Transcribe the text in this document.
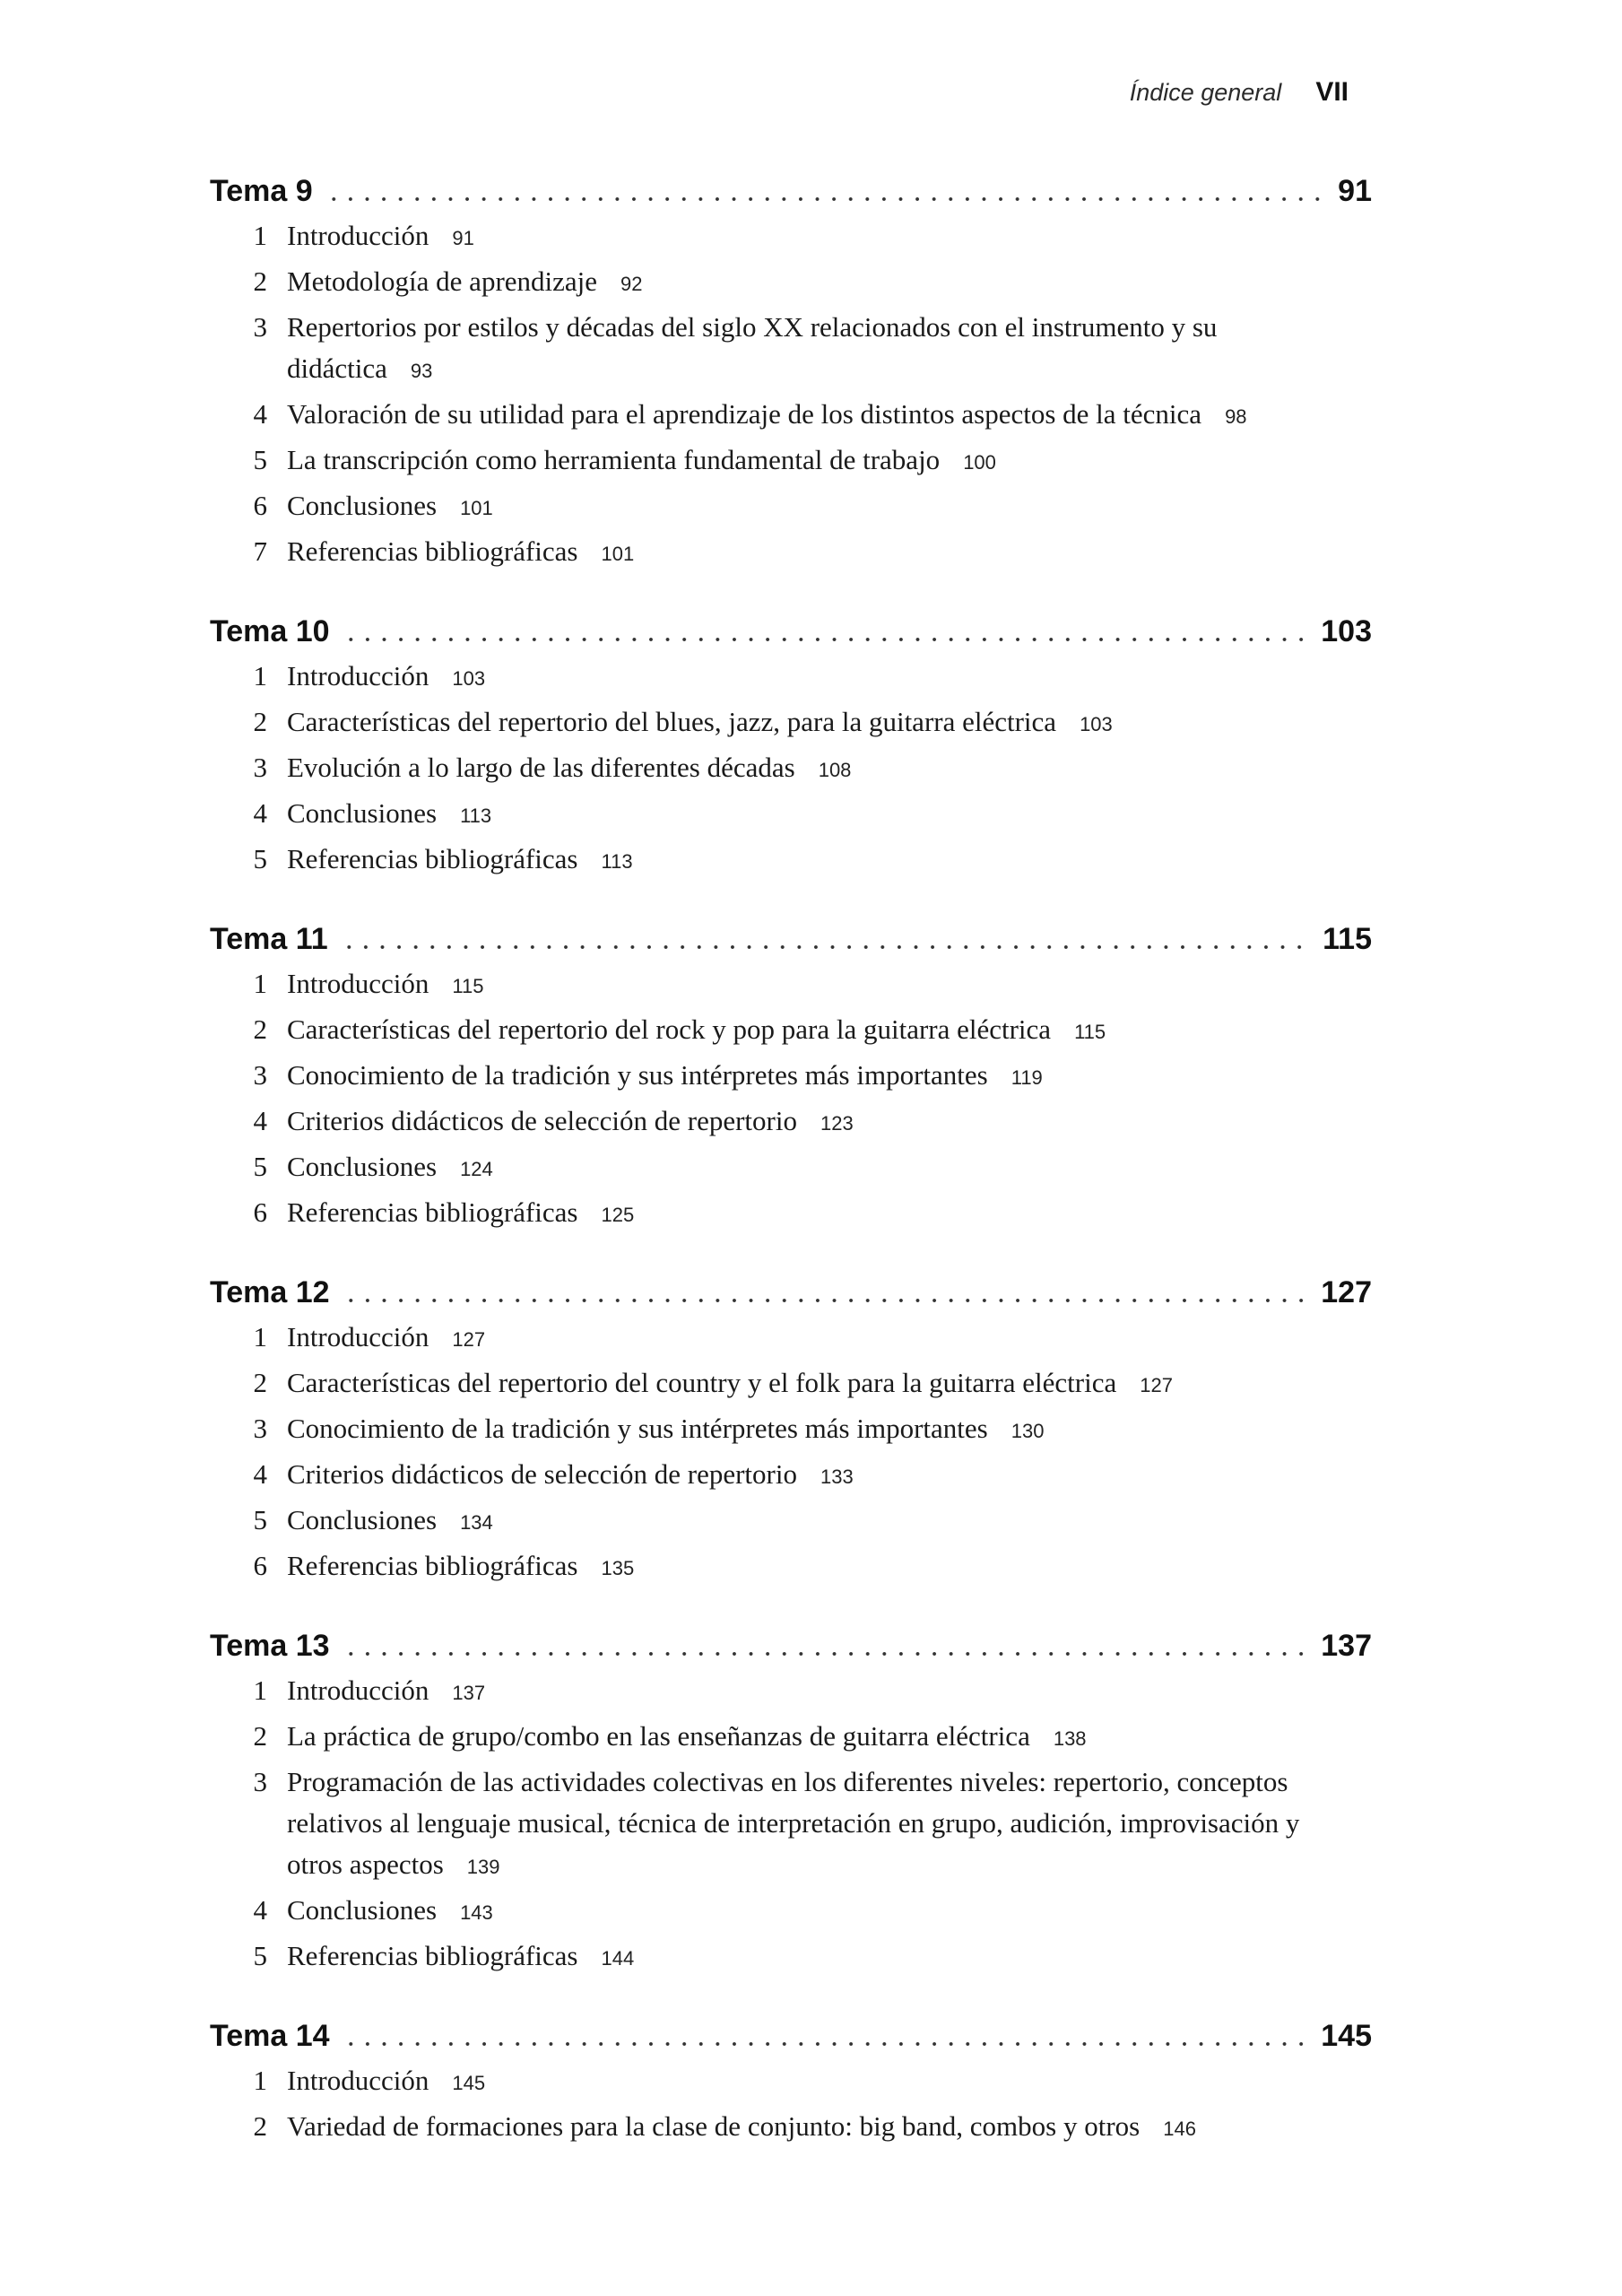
Índice general VII
Tema 9	91
1 Introducción 91
2 Metodología de aprendizaje 92
3 Repertorios por estilos y décadas del siglo XX relacionados con el instrumento y su didáctica 93
4 Valoración de su utilidad para el aprendizaje de los distintos aspectos de la técnica 98
5 La transcripción como herramienta fundamental de trabajo 100
6 Conclusiones 101
7 Referencias bibliográficas 101
Tema 10	103
1 Introducción 103
2 Características del repertorio del blues, jazz, para la guitarra eléctrica 103
3 Evolución a lo largo de las diferentes décadas 108
4 Conclusiones 113
5 Referencias bibliográficas 113
Tema 11	115
1 Introducción 115
2 Características del repertorio del rock y pop para la guitarra eléctrica 115
3 Conocimiento de la tradición y sus intérpretes más importantes 119
4 Criterios didácticos de selección de repertorio 123
5 Conclusiones 124
6 Referencias bibliográficas 125
Tema 12	127
1 Introducción 127
2 Características del repertorio del country y el folk para la guitarra eléctrica 127
3 Conocimiento de la tradición y sus intérpretes más importantes 130
4 Criterios didácticos de selección de repertorio 133
5 Conclusiones 134
6 Referencias bibliográficas 135
Tema 13	137
1 Introducción 137
2 La práctica de grupo/combo en las enseñanzas de guitarra eléctrica 138
3 Programación de las actividades colectivas en los diferentes niveles: repertorio, conceptos relativos al lenguaje musical, técnica de interpretación en grupo, audición, improvisación y otros aspectos 139
4 Conclusiones 143
5 Referencias bibliográficas 144
Tema 14	145
1 Introducción 145
2 Variedad de formaciones para la clase de conjunto: big band, combos y otros 146
